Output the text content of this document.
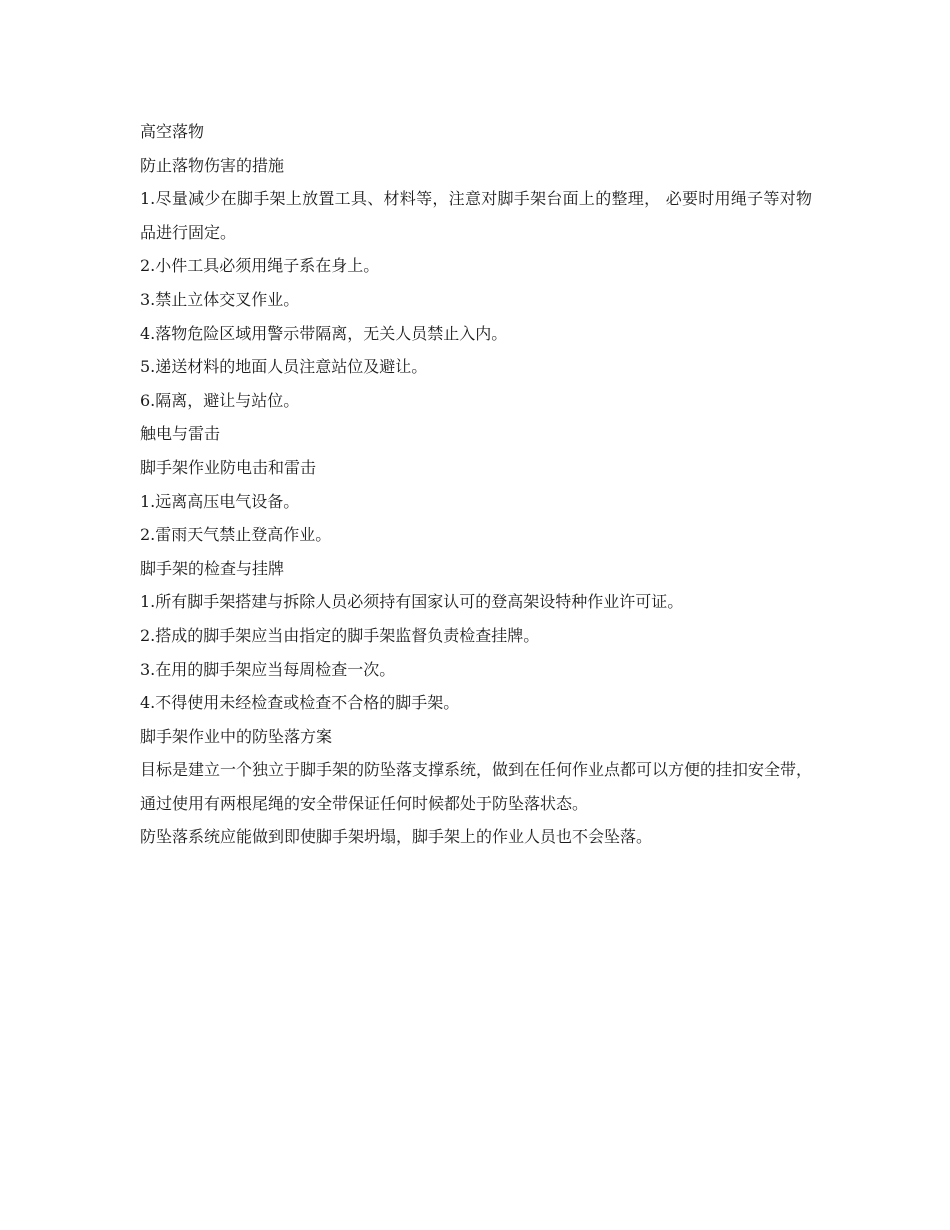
高空落物

防止落物伤害的措施

1.尽量减少在脚手架上放置工具、材料等，注意对脚手架台面上的整理， 必要时用绳子等对物品进行固定。

2.小件工具必须用绳子系在身上。

3.禁止立体交叉作业。

4.落物危险区域用警示带隔离，无关人员禁止入内。

5.递送材料的地面人员注意站位及避让。

6.隔离，避让与站位。

触电与雷击

脚手架作业防电击和雷击

1.远离高压电气设备。

2.雷雨天气禁止登高作业。

脚手架的检查与挂牌

1.所有脚手架搭建与拆除人员必须持有国家认可的登高架设特种作业许可证。

2.搭成的脚手架应当由指定的脚手架监督负责检查挂牌。

3.在用的脚手架应当每周检查一次。

4.不得使用未经检查或检查不合格的脚手架。

脚手架作业中的防坠落方案

目标是建立一个独立于脚手架的防坠落支撑系统，做到在任何作业点都可以方便的挂扣安全带，通过使用有两根尾绳的安全带保证任何时候都处于防坠落状态。

防坠落系统应能做到即使脚手架坍塌，脚手架上的作业人员也不会坠落。
